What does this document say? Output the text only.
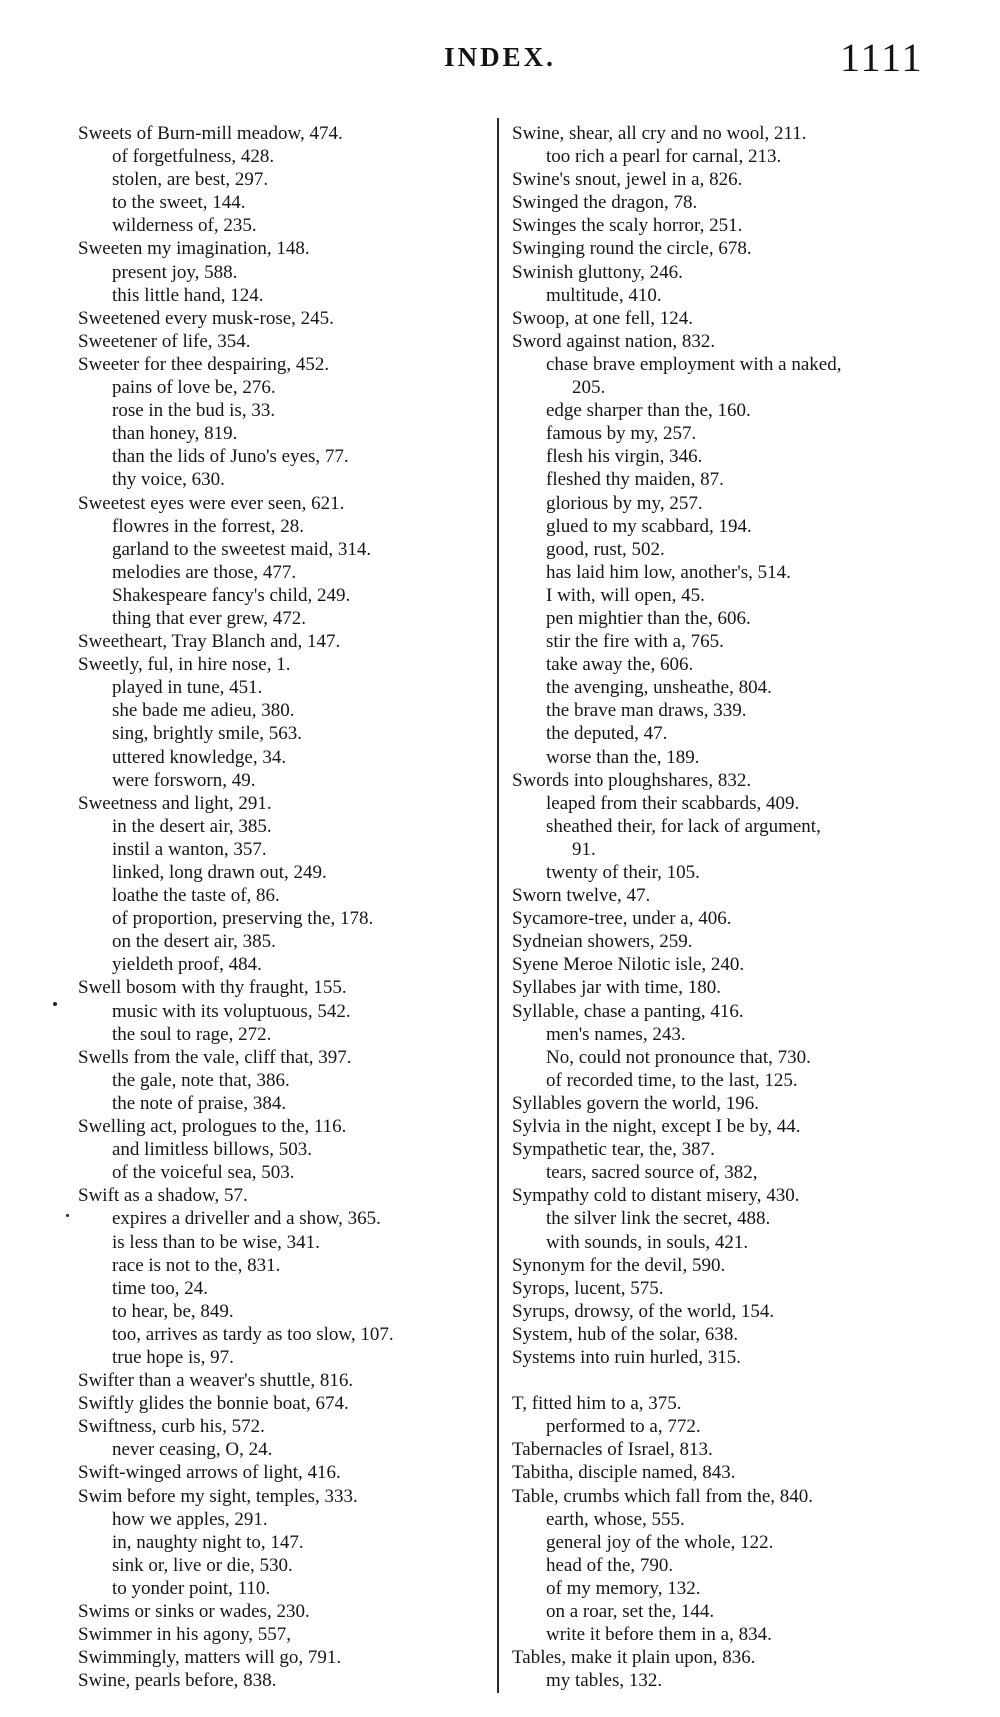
INDEX.	1111
Sweets of Burn-mill meadow, 474.
of forgetfulness, 428.
stolen, are best, 297.
to the sweet, 144.
wilderness of, 235.
Sweeten my imagination, 148.
present joy, 588.
this little hand, 124.
Sweetened every musk-rose, 245.
Sweetener of life, 354.
Sweeter for thee despairing, 452.
pains of love be, 276.
rose in the bud is, 33.
than honey, 819.
than the lids of Juno's eyes, 77.
thy voice, 630.
Sweetest eyes were ever seen, 621.
flowres in the forrest, 28.
garland to the sweetest maid, 314.
melodies are those, 477.
Shakespeare fancy's child, 249.
thing that ever grew, 472.
Sweetheart, Tray Blanch and, 147.
Sweetly, ful, in hire nose, 1.
played in tune, 451.
she bade me adieu, 380.
sing, brightly smile, 563.
uttered knowledge, 34.
were forsworn, 49.
Sweetness and light, 291.
in the desert air, 385.
instil a wanton, 357.
linked, long drawn out, 249.
loathe the taste of, 86.
of proportion, preserving the, 178.
on the desert air, 385.
yieldeth proof, 484.
Swell bosom with thy fraught, 155.
music with its voluptuous, 542.
the soul to rage, 272.
Swells from the vale, cliff that, 397.
the gale, note that, 386.
the note of praise, 384.
Swelling act, prologues to the, 116.
and limitless billows, 503.
of the voiceful sea, 503.
Swift as a shadow, 57.
expires a driveller and a show, 365.
is less than to be wise, 341.
race is not to the, 831.
time too, 24.
to hear, be, 849.
too, arrives as tardy as too slow, 107.
true hope is, 97.
Swifter than a weaver's shuttle, 816.
Swiftly glides the bonnie boat, 674.
Swiftness, curb his, 572.
never ceasing, O, 24.
Swift-winged arrows of light, 416.
Swim before my sight, temples, 333.
how we apples, 291.
in, naughty night to, 147.
sink or, live or die, 530.
to yonder point, 110.
Swims or sinks or wades, 230.
Swimmer in his agony, 557,
Swimmingly, matters will go, 791.
Swine, pearls before, 838.
Swine, shear, all cry and no wool, 211.
too rich a pearl for carnal, 213.
Swine's snout, jewel in a, 826.
Swinged the dragon, 78.
Swinges the scaly horror, 251.
Swinging round the circle, 678.
Swinish gluttony, 246.
multitude, 410.
Swoop, at one fell, 124.
Sword against nation, 832.
chase brave employment with a naked,
205.
edge sharper than the, 160.
famous by my, 257.
flesh his virgin, 346.
fleshed thy maiden, 87.
glorious by my, 257.
glued to my scabbard, 194.
good, rust, 502.
has laid him low, another's, 514.
I with, will open, 45.
pen mightier than the, 606.
stir the fire with a, 765.
take away the, 606.
the avenging, unsheathe, 804.
the brave man draws, 339.
the deputed, 47.
worse than the, 189.
Swords into ploughshares, 832.
leaped from their scabbards, 409.
sheathed their, for lack of argument,
91.
twenty of their, 105.
Sworn twelve, 47.
Sycamore-tree, under a, 406.
Sydneian showers, 259.
Syene Meroe Nilotic isle, 240.
Syllabes jar with time, 180.
Syllable, chase a panting, 416.
men's names, 243.
No, could not pronounce that, 730.
of recorded time, to the last, 125.
Syllables govern the world, 196.
Sylvia in the night, except I be by, 44.
Sympathetic tear, the, 387.
tears, sacred source of, 382,
Sympathy cold to distant misery, 430.
the silver link the secret, 488.
with sounds, in souls, 421.
Synonym for the devil, 590.
Syrops, lucent, 575.
Syrups, drowsy, of the world, 154.
System, hub of the solar, 638.
Systems into ruin hurled, 315.
T, fitted him to a, 375.
performed to a, 772.
Tabernacles of Israel, 813.
Tabitha, disciple named, 843.
Table, crumbs which fall from the, 840.
earth, whose, 555.
general joy of the whole, 122.
head of the, 790.
of my memory, 132.
on a roar, set the, 144.
write it before them in a, 834.
Tables, make it plain upon, 836.
my tables, 132.
